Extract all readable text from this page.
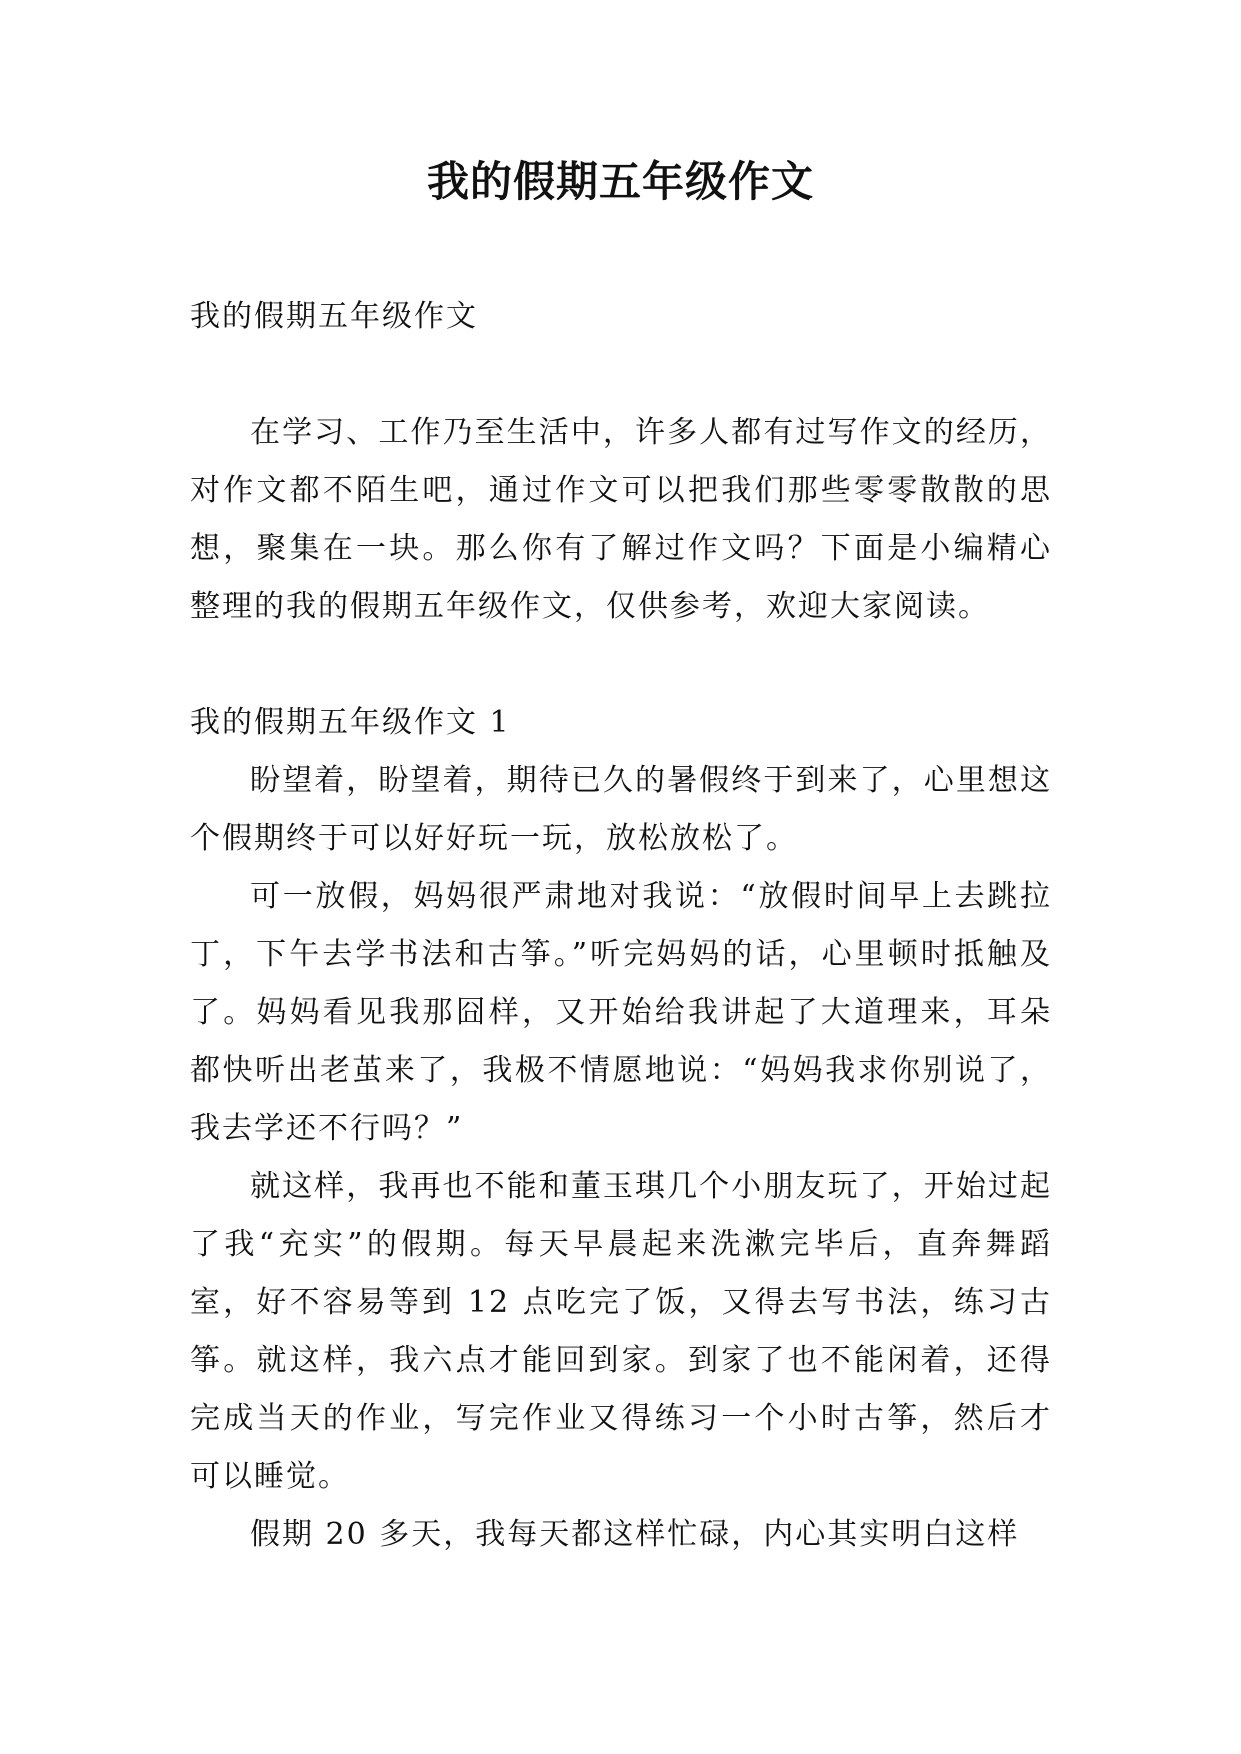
我的假期五年级作文

我的假期五年级作文

在学习、工作乃至生活中，许多人都有过写作文的经历，对作文都不陌生吧，通过作文可以把我们那些零零散散的思想，聚集在一块。那么你有了解过作文吗？下面是小编精心整理的我的假期五年级作文，仅供参考，欢迎大家阅读。

我的假期五年级作文 1

盼望着，盼望着，期待已久的暑假终于到来了，心里想这个假期终于可以好好玩一玩，放松放松了。

可一放假，妈妈很严肃地对我说：“放假时间早上去跳拉丁，下午去学书法和古筝。”听完妈妈的话，心里顿时抵触及了。妈妈看见我那囧样，又开始给我讲起了大道理来，耳朵都快听出老茧来了，我极不情愿地说：“妈妈我求你别说了，我去学还不行吗？”

就这样，我再也不能和董玉琪几个小朋友玩了，开始过起了我“充实”的假期。每天早晨起来洗漱完毕后，直奔舞蹈室，好不容易等到 12 点吃完了饭，又得去写书法，练习古筝。就这样，我六点才能回到家。到家了也不能闲着，还得完成当天的作业，写完作业又得练习一个小时古筝，然后才可以睡觉。

假期 20 多天，我每天都这样忙碌，内心其实明白这样
